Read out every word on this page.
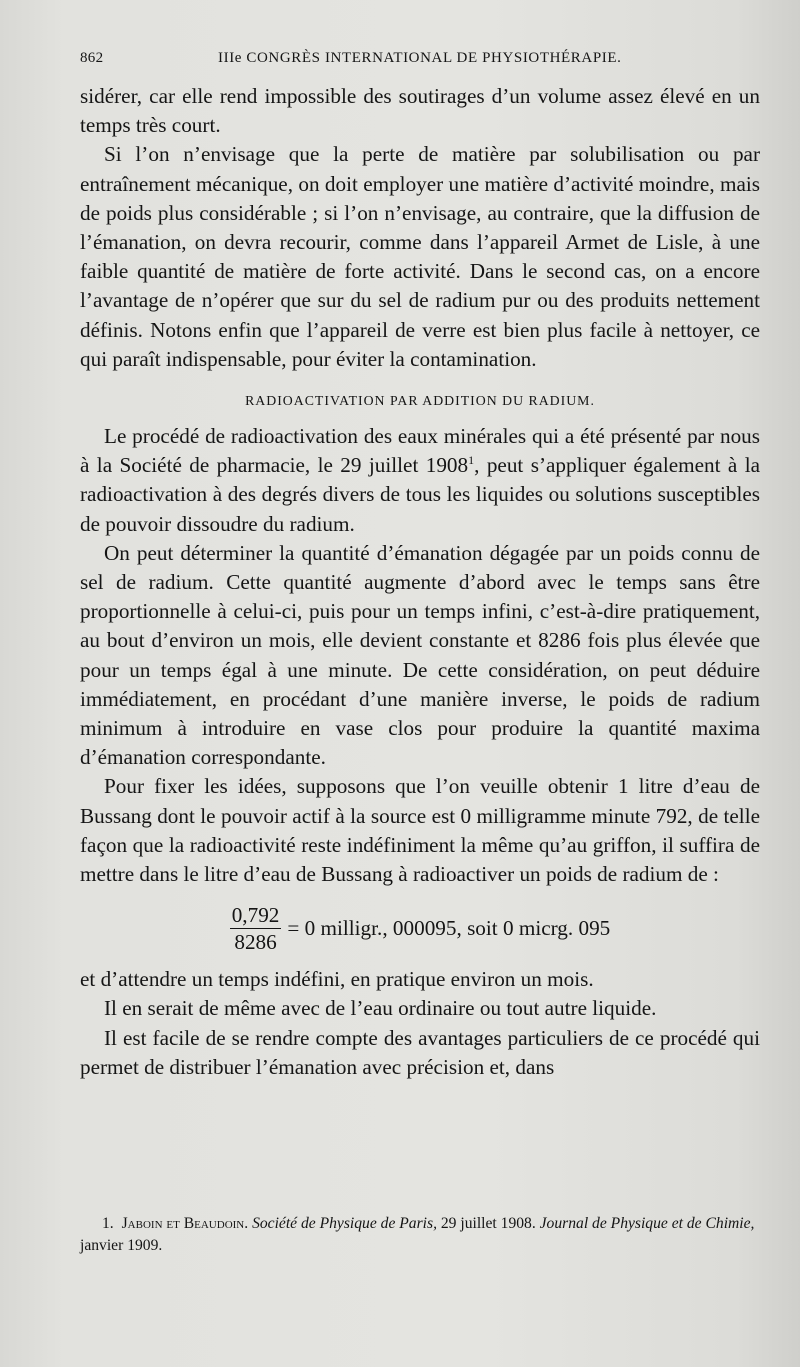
862	IIIe CONGRÈS INTERNATIONAL DE PHYSIOTHÉRAPIE.

sidérer, car elle rend impossible des soutirages d’un volume assez élevé en un temps très court.

Si l’on n’envisage que la perte de matière par solubilisation ou par entraînement mécanique, on doit employer une matière d’activité moindre, mais de poids plus considérable ; si l’on n’envisage, au contraire, que la diffusion de l’émanation, on devra recourir, comme dans l’appareil Armet de Lisle, à une faible quantité de matière de forte activité. Dans le second cas, on a encore l’avantage de n’opérer que sur du sel de radium pur ou des produits nettement définis. Notons enfin que l’appareil de verre est bien plus facile à nettoyer, ce qui paraît indispensable, pour éviter la contamination.

RADIOACTIVATION PAR ADDITION DU RADIUM.

Le procédé de radioactivation des eaux minérales qui a été présenté par nous à la Société de pharmacie, le 29 juillet 1908$^1$, peut s’appliquer également à la radioactivation à des degrés divers de tous les liquides ou solutions susceptibles de pouvoir dissoudre du radium.

On peut déterminer la quantité d’émanation dégagée par un poids connu de sel de radium. Cette quantité augmente d’abord avec le temps sans être proportionnelle à celui-ci, puis pour un temps infini, c’est-à-dire pratiquement, au bout d’environ un mois, elle devient constante et 8286 fois plus élevée que pour un temps égal à une minute. De cette considération, on peut déduire immédiatement, en procédant d’une manière inverse, le poids de radium minimum à introduire en vase clos pour produire la quantité maxima d’émanation correspondante.

Pour fixer les idées, supposons que l’on veuille obtenir 1 litre d’eau de Bussang dont le pouvoir actif à la source est 0 milligramme minute 792, de telle façon que la radioactivité reste indéfiniment la même qu’au griffon, il suffira de mettre dans le litre d’eau de Bussang à radioactiver un poids de radium de :

$\frac{0,792}{8286} = 0$ milligr., 000095, soit 0 micrg. 095

et d’attendre un temps indéfini, en pratique environ un mois.

Il en serait de même avec de l’eau ordinaire ou tout autre liquide.

Il est facile de se rendre compte des avantages particuliers de ce procédé qui permet de distribuer l’émanation avec précision et, dans

1. Jaboin et Beaudoin. Société de Physique de Paris, 29 juillet 1908. Journal de Physique et de Chimie, janvier 1909.
